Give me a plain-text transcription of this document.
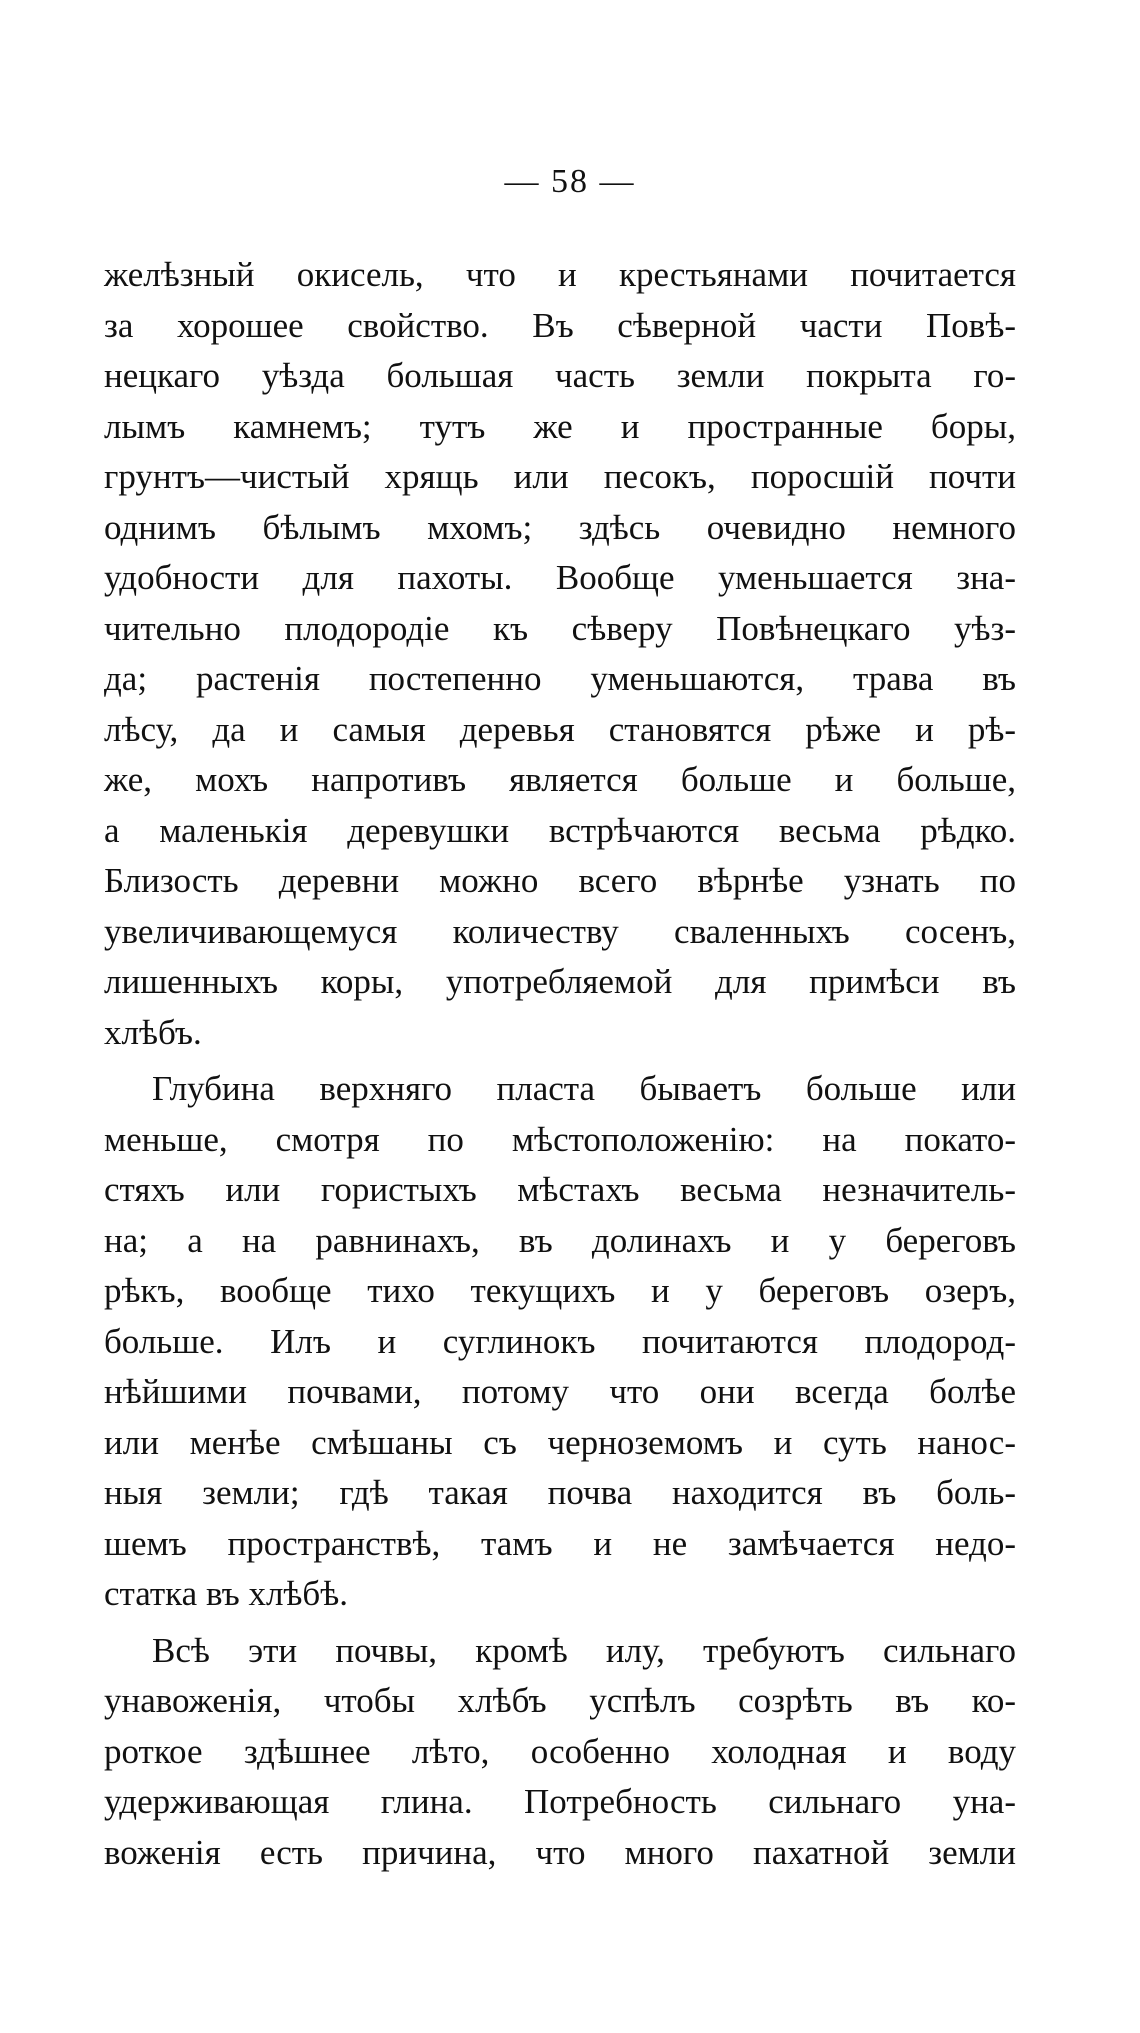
— 58 —
желѣзный окисель, что и крестьянами почитается
за хорошее свойство. Въ сѣверной части Повѣ-
нецкаго уѣзда большая часть земли покрыта го-
лымъ камнемъ; тутъ же и пространные боры,
грунтъ—чистый хрящь или песокъ, поросшій почти
однимъ бѣлымъ мхомъ; здѣсь очевидно немного
удобности для пахоты. Вообще уменьшается зна-
чительно плодородіе къ сѣверу Повѣнецкаго уѣз-
да; растенія постепенно уменьшаются, трава въ
лѣсу, да и самыя деревья становятся рѣже и рѣ-
же, мохъ напротивъ является больше и больше,
а маленькія деревушки встрѣчаются весьма рѣдко.
Близость деревни можно всего вѣрнѣе узнать по
увеличивающемуся количеству сваленныхъ сосенъ,
лишенныхъ коры, употребляемой для примѣси въ
хлѣбъ.
Глубина верхняго пласта бываетъ больше или
меньше, смотря по мѣстоположенію: на покато-
стяхъ или гористыхъ мѣстахъ весьма незначитель-
на; а на равнинахъ, въ долинахъ и у береговъ
рѣкъ, вообще тихо текущихъ и у береговъ озеръ,
больше. Илъ и суглинокъ почитаются плодород-
нѣйшими почвами, потому что они всегда болѣе
или менѣе смѣшаны съ черноземомъ и суть нанос-
ныя земли; гдѣ такая почва находится въ боль-
шемъ пространствѣ, тамъ и не замѣчается недо-
статка въ хлѣбѣ.
Всѣ эти почвы, кромѣ илу, требуютъ сильнаго
унавоженія, чтобы хлѣбъ успѣлъ созрѣть въ ко-
роткое здѣшнее лѣто, особенно холодная и воду
удерживающая глина. Потребность сильнаго уна-
воженія есть причина, что много пахатной земли
